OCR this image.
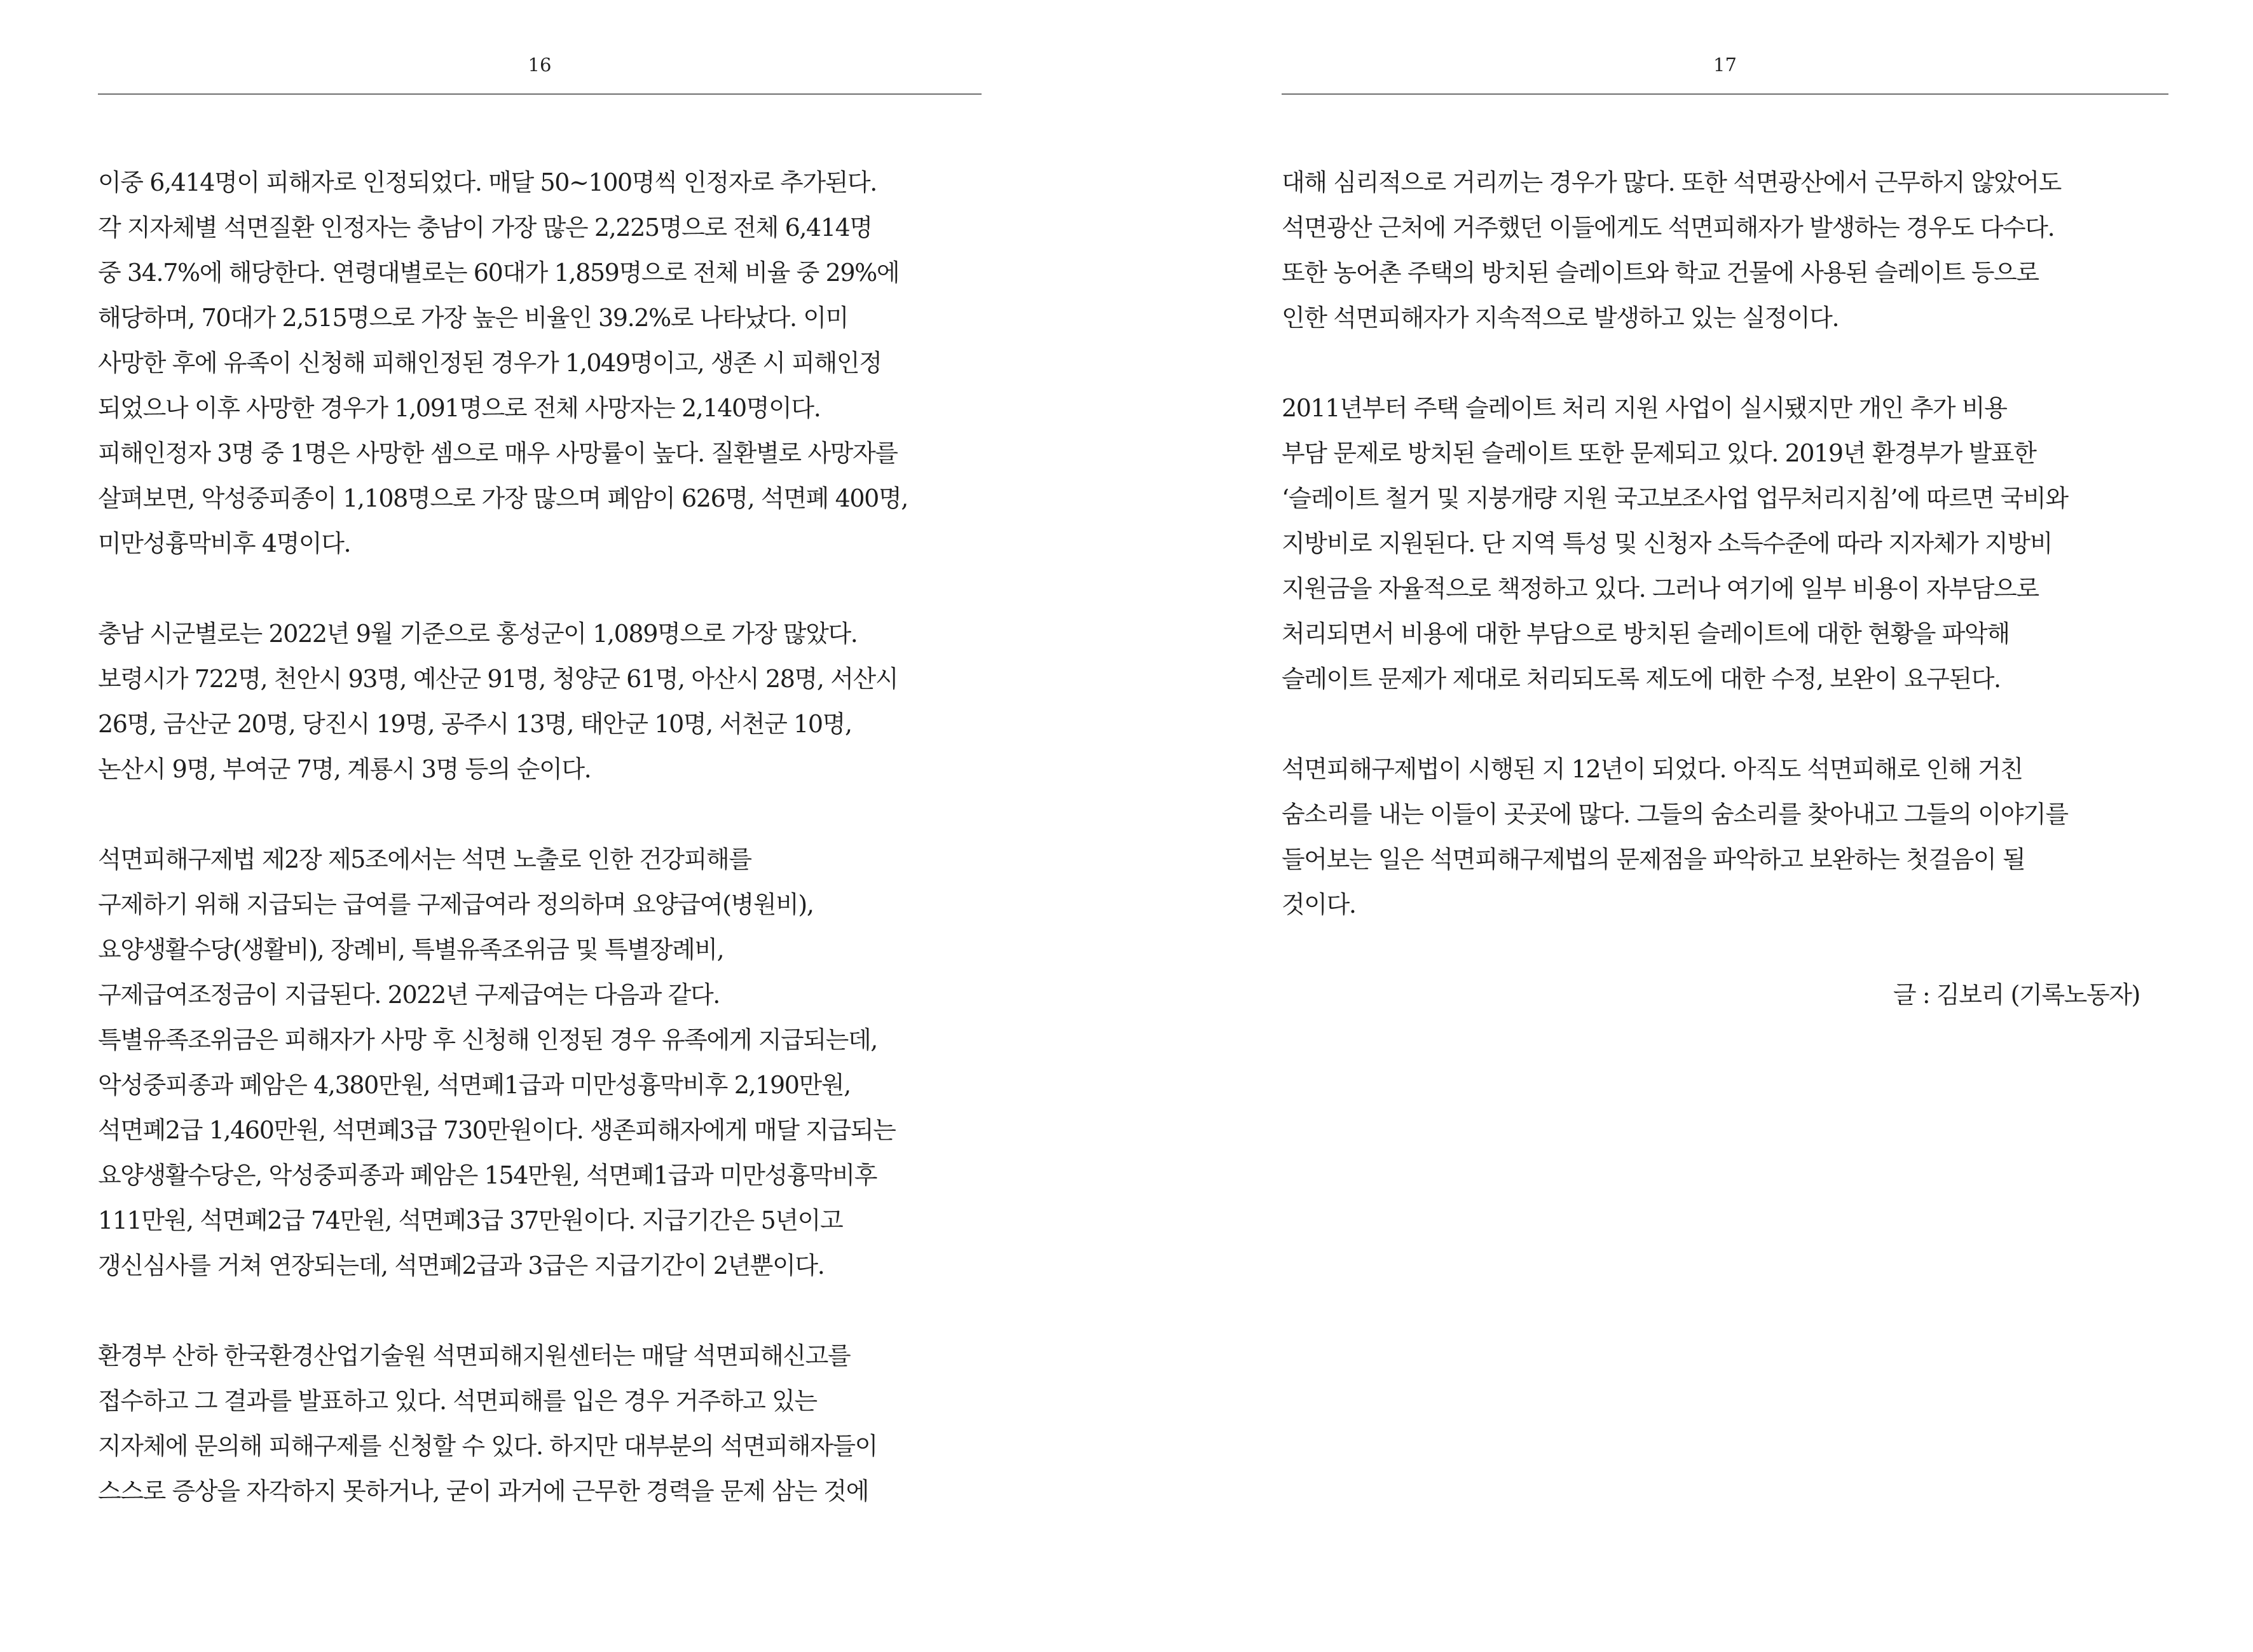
16
이중 6,414명이 피해자로 인정되었다. 매달 50~100명씩 인정자로 추가된다.
각 지자체별 석면질환 인정자는 충남이 가장 많은 2,225명으로 전체 6,414명
중 34.7%에 해당한다. 연령대별로는 60대가 1,859명으로 전체 비율 중 29%에
해당하며, 70대가 2,515명으로 가장 높은 비율인 39.2%로 나타났다. 이미
사망한 후에 유족이 신청해 피해인정된 경우가 1,049명이고, 생존 시 피해인정
되었으나 이후 사망한 경우가 1,091명으로 전체 사망자는 2,140명이다.
피해인정자 3명 중 1명은 사망한 셈으로 매우 사망률이 높다. 질환별로 사망자를
살펴보면, 악성중피종이 1,108명으로 가장 많으며 폐암이 626명, 석면폐 400명,
미만성흉막비후 4명이다.
충남 시군별로는 2022년 9월 기준으로 홍성군이 1,089명으로 가장 많았다.
보령시가 722명, 천안시 93명, 예산군 91명, 청양군 61명, 아산시 28명, 서산시
26명, 금산군 20명, 당진시 19명, 공주시 13명, 태안군 10명, 서천군 10명,
논산시 9명, 부여군 7명, 계룡시 3명 등의 순이다.
석면피해구제법 제2장 제5조에서는 석면 노출로 인한 건강피해를
구제하기 위해 지급되는 급여를 구제급여라 정의하며 요양급여(병원비),
요양생활수당(생활비), 장례비, 특별유족조위금 및 특별장례비,
구제급여조정금이 지급된다. 2022년 구제급여는 다음과 같다.
특별유족조위금은 피해자가 사망 후 신청해 인정된 경우 유족에게 지급되는데,
악성중피종과 폐암은 4,380만원, 석면폐1급과 미만성흉막비후 2,190만원,
석면폐2급 1,460만원, 석면폐3급 730만원이다. 생존피해자에게 매달 지급되는
요양생활수당은, 악성중피종과 폐암은 154만원, 석면폐1급과 미만성흉막비후
111만원, 석면폐2급 74만원, 석면폐3급 37만원이다. 지급기간은 5년이고
갱신심사를 거쳐 연장되는데, 석면폐2급과 3급은 지급기간이 2년뿐이다.
환경부 산하 한국환경산업기술원 석면피해지원센터는 매달 석면피해신고를
접수하고 그 결과를 발표하고 있다. 석면피해를 입은 경우 거주하고 있는
지자체에 문의해 피해구제를 신청할 수 있다. 하지만 대부분의 석면피해자들이
스스로 증상을 자각하지 못하거나, 굳이 과거에 근무한 경력을 문제 삼는 것에
17
대해 심리적으로 거리끼는 경우가 많다. 또한 석면광산에서 근무하지 않았어도
석면광산 근처에 거주했던 이들에게도 석면피해자가 발생하는 경우도 다수다.
또한 농어촌 주택의 방치된 슬레이트와 학교 건물에 사용된 슬레이트 등으로
인한 석면피해자가 지속적으로 발생하고 있는 실정이다.
2011년부터 주택 슬레이트 처리 지원 사업이 실시됐지만 개인 추가 비용
부담 문제로 방치된 슬레이트 또한 문제되고 있다. 2019년 환경부가 발표한
‘슬레이트 철거 및 지붕개량 지원 국고보조사업 업무처리지침’에 따르면 국비와
지방비로 지원된다. 단 지역 특성 및 신청자 소득수준에 따라 지자체가 지방비
지원금을 자율적으로 책정하고 있다. 그러나 여기에 일부 비용이 자부담으로
처리되면서 비용에 대한 부담으로 방치된 슬레이트에 대한 현황을 파악해
슬레이트 문제가 제대로 처리되도록 제도에 대한 수정, 보완이 요구된다.
석면피해구제법이 시행된 지 12년이 되었다. 아직도 석면피해로 인해 거친
숨소리를 내는 이들이 곳곳에 많다. 그들의 숨소리를 찾아내고 그들의 이야기를
들어보는 일은 석면피해구제법의 문제점을 파악하고 보완하는 첫걸음이 될
것이다.
글 : 김보리 (기록노동자)
